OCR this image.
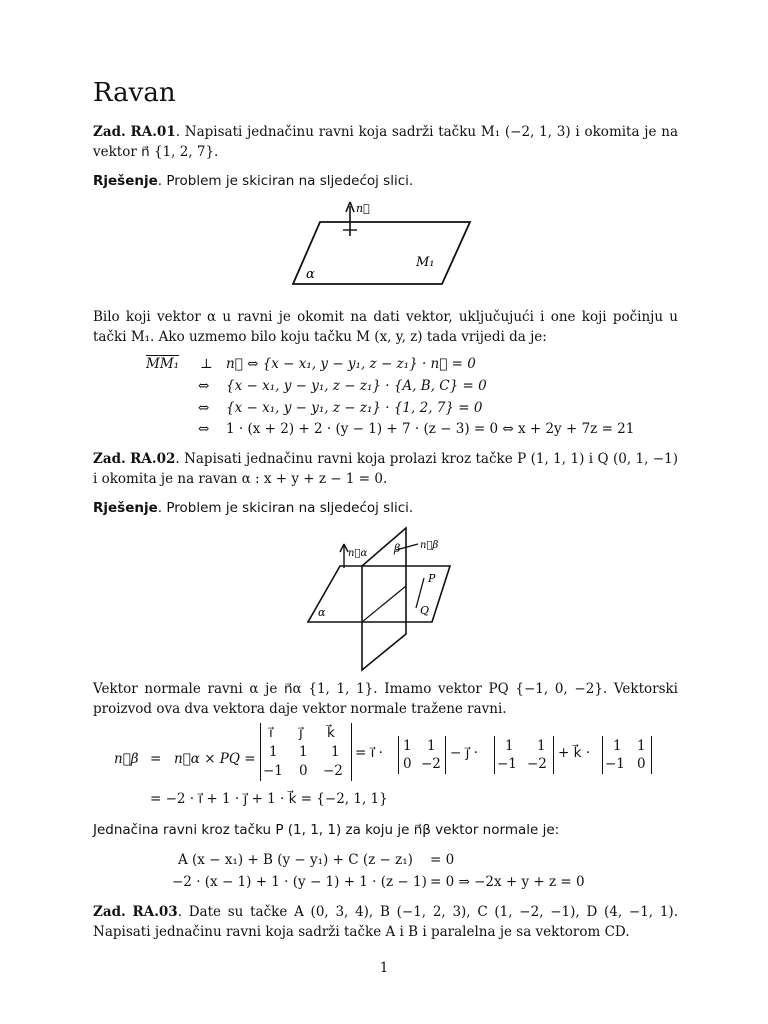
Ravan

Zad. RA.01. Napisati jednačinu ravni koja sadrži tačku M₁ (−2, 1, 3) i okomita je na vektor n⃗ {1, 2, 7}.

Rješenje. Problem je skiciran na sljedećoj slici.

n⃗
M₁
α

Bilo koji vektor α u ravni je okomit na dati vektor, uključujući i one koji počinju u tački M₁. Ako uzmemo bilo koju tačku M (x, y, z) tada vrijedi da je:

MM₁ ⊥ n⃗ ⇔ {x − x₁, y − y₁, z − z₁} · n⃗ = 0
⇔ {x − x₁, y − y₁, z − z₁} · {A, B, C} = 0
⇔ {x − x₁, y − y₁, z − z₁} · {1, 2, 7} = 0
⇔ 1 · (x + 2) + 2 · (y − 1) + 7 · (z − 3) = 0 ⇔ x + 2y + 7z = 21

Zad. RA.02. Napisati jednačinu ravni koja prolazi kroz tačke P (1, 1, 1) i Q (0, 1, −1) i okomita je na ravan α : x + y + z − 1 = 0.

Rješenje. Problem je skiciran na sljedećoj slici.

n⃗α
n⃗β
β
P
Q
α

Vektor normale ravni α je n⃗α {1, 1, 1}. Imamo vektor PQ {−1, 0, −2}. Vektorski proizvod ova dva vektora daje vektor normale tražene ravni.

n⃗β = n⃗α × PQ =
i⃗ j⃗ k⃗
1 1 1
−1 0 −2
= i⃗ · 1 1
0 −2
− j⃗ · 1 1
−1 −2
+ k⃗ · 1 1
−1 0
= −2 · i⃗ + 1 · j⃗ + 1 · k⃗ = {−2, 1, 1}

Jednačina ravni kroz tačku P (1, 1, 1) za koju je n⃗β vektor normale je:

A (x − x₁) + B (y − y₁) + C (z − z₁) = 0
−2 · (x − 1) + 1 · (y − 1) + 1 · (z − 1) = 0 ⇒ −2x + y + z = 0

Zad. RA.03. Date su tačke A (0, 3, 4), B (−1, 2, 3), C (1, −2, −1), D (4, −1, 1). Napisati jednačinu ravni koja sadrži tačke A i B i paralelna je sa vektorom CD.

1
